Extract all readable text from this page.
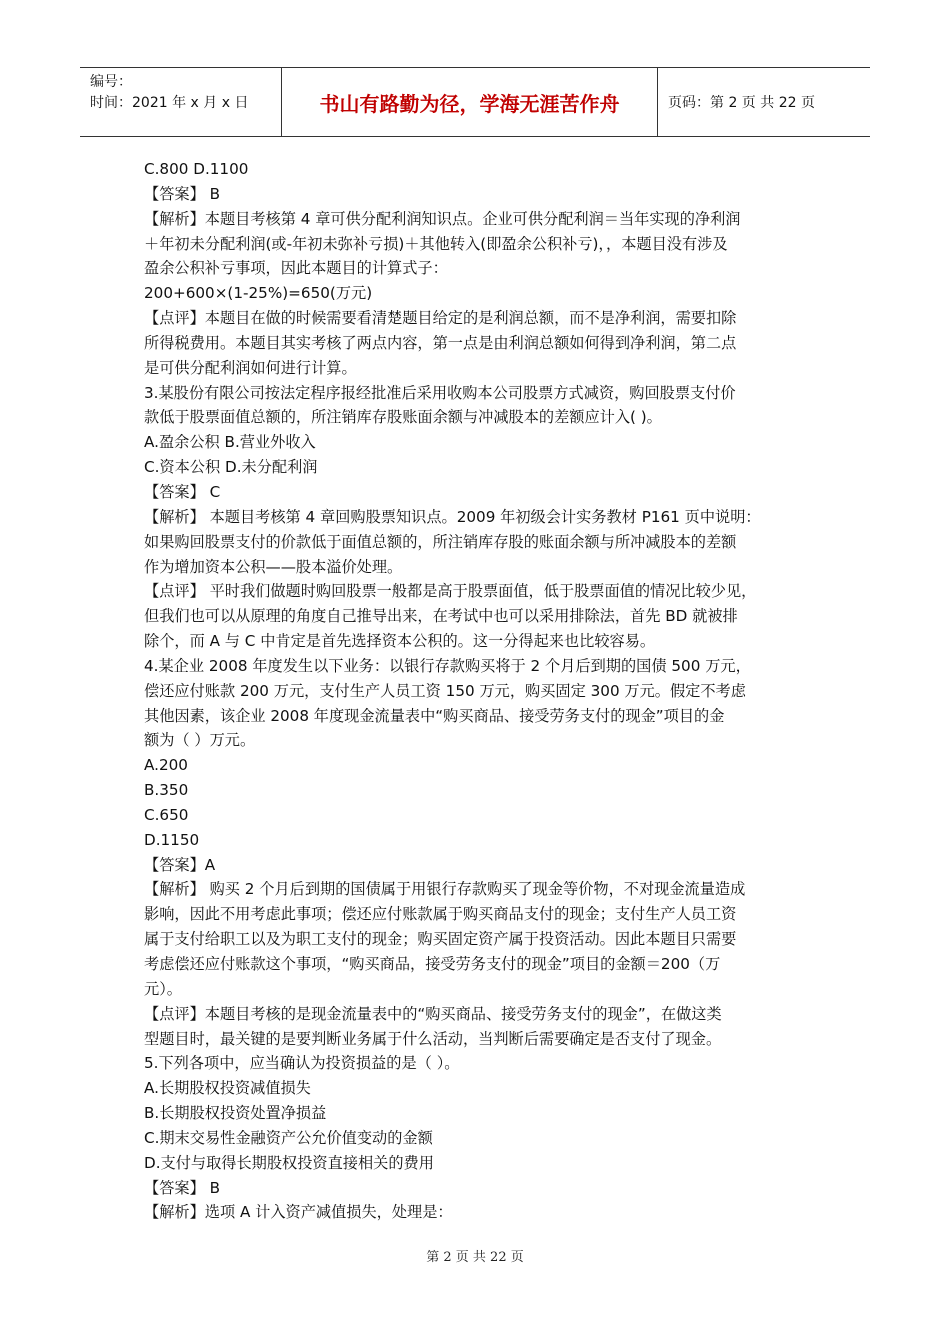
编号：
时间：2021 年 x 月 x 日	书山有路勤为径，学海无涯苦作舟	页码：第 2 页 共 22 页

C.800 D.1100

【答案】 B

【解析】本题目考核第 4 章可供分配利润知识点。企业可供分配利润＝当年实现的净利润

＋年初未分配利润(或-年初未弥补亏损)＋其他转入(即盈余公积补亏)，，本题目没有涉及

盈余公积补亏事项，因此本题目的计算式子：

200+600×(1-25%)=650(万元)

【点评】本题目在做的时候需要看清楚题目给定的是利润总额，而不是净利润，需要扣除

所得税费用。本题目其实考核了两点内容，第一点是由利润总额如何得到净利润，第二点

是可供分配利润如何进行计算。

3.某股份有限公司按法定程序报经批准后采用收购本公司股票方式减资，购回股票支付价

款低于股票面值总额的，所注销库存股账面余额与冲减股本的差额应计入( )。

A.盈余公积 B.营业外收入

C.资本公积 D.未分配利润

【答案】 C

【解析】 本题目考核第 4 章回购股票知识点。2009 年初级会计实务教材 P161 页中说明：

如果购回股票支付的价款低于面值总额的，所注销库存股的账面余额与所冲减股本的差额

作为增加资本公积——股本溢价处理。

【点评】 平时我们做题时购回股票一般都是高于股票面值，低于股票面值的情况比较少见，

但我们也可以从原理的角度自己推导出来，在考试中也可以采用排除法，首先 BD 就被排

除个，而 A 与 C 中肯定是首先选择资本公积的。这一分得起来也比较容易。

4.某企业 2008 年度发生以下业务：以银行存款购买将于 2 个月后到期的国债 500 万元，

偿还应付账款 200 万元，支付生产人员工资 150 万元，购买固定 300 万元。假定不考虑

其他因素，该企业 2008 年度现金流量表中“购买商品、接受劳务支付的现金”项目的金

额为（ ）万元。

A.200

B.350

C.650

D.1150

【答案】A

【解析】 购买 2 个月后到期的国债属于用银行存款购买了现金等价物，不对现金流量造成

影响，因此不用考虑此事项；偿还应付账款属于购买商品支付的现金；支付生产人员工资

属于支付给职工以及为职工支付的现金；购买固定资产属于投资活动。因此本题目只需要

考虑偿还应付账款这个事项，“购买商品，接受劳务支付的现金”项目的金额＝200（万

元）。

【点评】本题目考核的是现金流量表中的“购买商品、接受劳务支付的现金”，在做这类

型题目时，最关键的是要判断业务属于什么活动，当判断后需要确定是否支付了现金。

5.下列各项中，应当确认为投资损益的是（ ）。

A.长期股权投资减值损失

B.长期股权投资处置净损益

C.期末交易性金融资产公允价值变动的金额

D.支付与取得长期股权投资直接相关的费用

【答案】 B

【解析】选项 A 计入资产减值损失，处理是：

第 2 页 共 22 页
